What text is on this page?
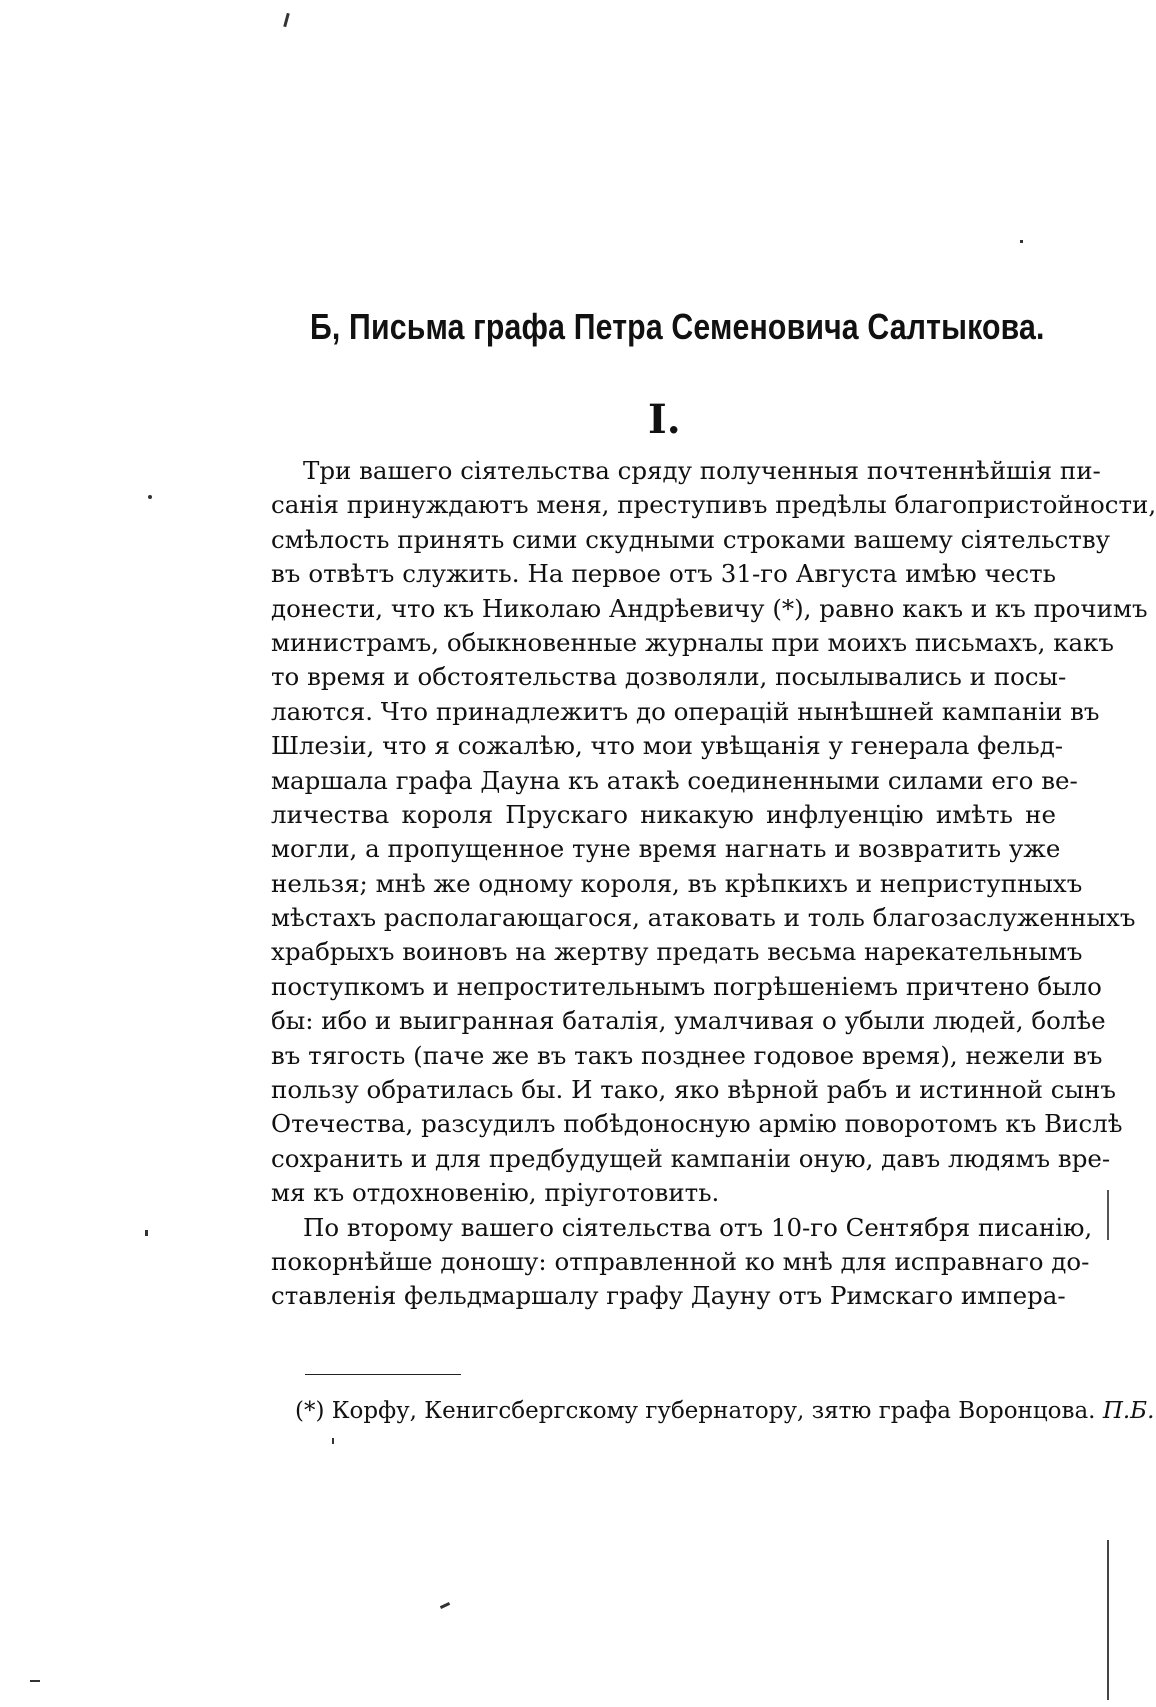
Б, Письма графа Петра Семеновича Салтыкова.
I.

Три вашего сіятельства сряду полученныя почтеннѣйшія пи-
санія принуждаютъ меня, преступивъ предѣлы благопристойности,
смѣлость принять сими скудными строками вашему сіятельству
въ отвѣтъ служить. На первое отъ 31-го Августа имѣю честь
донести, что къ Николаю Андрѣевичу (*), равно какъ и къ прочимъ
министрамъ, обыкновенные журналы при моихъ письмахъ, какъ
то время и обстоятельства дозволяли, посылывались и посы-
лаются. Что принадлежитъ до операцій нынѣшней кампаніи въ
Шлезіи, что я сожалѣю, что мои увѣщанія у генерала фельд-
маршала графа Дауна къ атакѣ соединенными силами его ве-
личества короля Прускаго никакую инфлуенцію имѣть не
могли, а пропущенное туне время нагнать и возвратить уже
нельзя; мнѣ же одному короля, въ крѣпкихъ и неприступныхъ
мѣстахъ располагающагося, атаковать и толь благозаслуженныхъ
храбрыхъ воиновъ на жертву предать весьма нарекательнымъ
поступкомъ и непростительнымъ погрѣшеніемъ причтено было
бы: ибо и выигранная баталія, умалчивая о убыли людей, болѣе
въ тягость (паче же въ такъ позднее годовое время), нежели въ
пользу обратилась бы. И тако, яко вѣрной рабъ и истинной сынъ
Отечества, разсудилъ побѣдоносную армію поворотомъ къ Вислѣ
сохранить и для предбудущей кампаніи оную, давъ людямъ вре-
мя къ отдохновенію, пріуготовить.

По второму вашего сіятельства отъ 10-го Сентября писанію,
покорнѣйше доношу: отправленной ко мнѣ для исправнаго до-
ставленія фельдмаршалу графу Дауну отъ Римскаго импера-

(*) Корфу, Кенигсбергскому губернатору, зятю графа Воронцова. П.Б.
